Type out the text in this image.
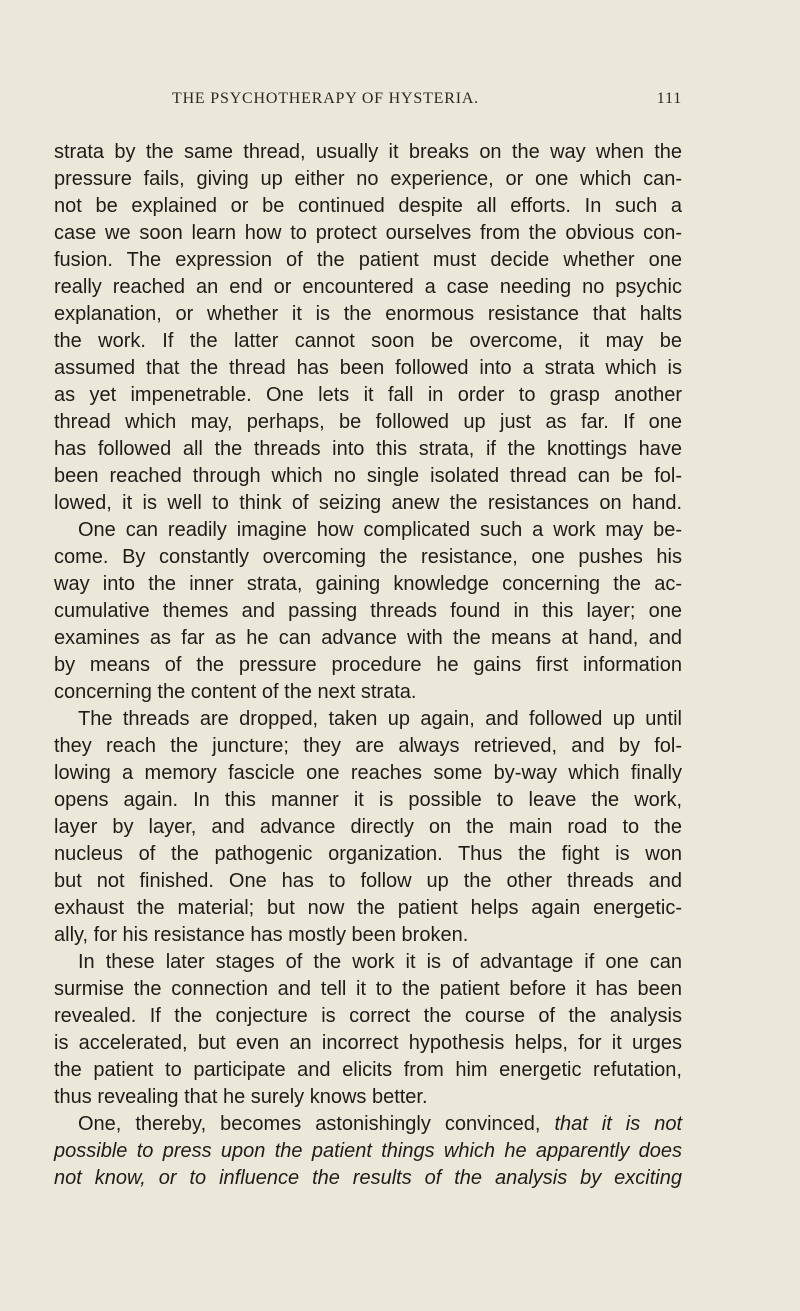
THE PSYCHOTHERAPY OF HYSTERIA.	111
strata by the same thread, usually it breaks on the way when the
pressure fails, giving up either no experience, or one which can-
not be explained or be continued despite all efforts. In such a
case we soon learn how to protect ourselves from the obvious con-
fusion. The expression of the patient must decide whether one
really reached an end or encountered a case needing no psychic
explanation, or whether it is the enormous resistance that halts
the work. If the latter cannot soon be overcome, it may be
assumed that the thread has been followed into a strata which is
as yet impenetrable. One lets it fall in order to grasp another
thread which may, perhaps, be followed up just as far. If one
has followed all the threads into this strata, if the knottings have
been reached through which no single isolated thread can be fol-
lowed, it is well to think of seizing anew the resistances on hand.
One can readily imagine how complicated such a work may be-
come. By constantly overcoming the resistance, one pushes his
way into the inner strata, gaining knowledge concerning the ac-
cumulative themes and passing threads found in this layer; one
examines as far as he can advance with the means at hand, and
by means of the pressure procedure he gains first information
concerning the content of the next strata.
The threads are dropped, taken up again, and followed up until
they reach the juncture; they are always retrieved, and by fol-
lowing a memory fascicle one reaches some by-way which finally
opens again. In this manner it is possible to leave the work,
layer by layer, and advance directly on the main road to the
nucleus of the pathogenic organization. Thus the fight is won
but not finished. One has to follow up the other threads and
exhaust the material; but now the patient helps again energetic-
ally, for his resistance has mostly been broken.
In these later stages of the work it is of advantage if one can
surmise the connection and tell it to the patient before it has been
revealed. If the conjecture is correct the course of the analysis
is accelerated, but even an incorrect hypothesis helps, for it urges
the patient to participate and elicits from him energetic refutation,
thus revealing that he surely knows better.
One, thereby, becomes astonishingly convinced, that it is not
possible to press upon the patient things which he apparently does
not know, or to influence the results of the analysis by exciting
